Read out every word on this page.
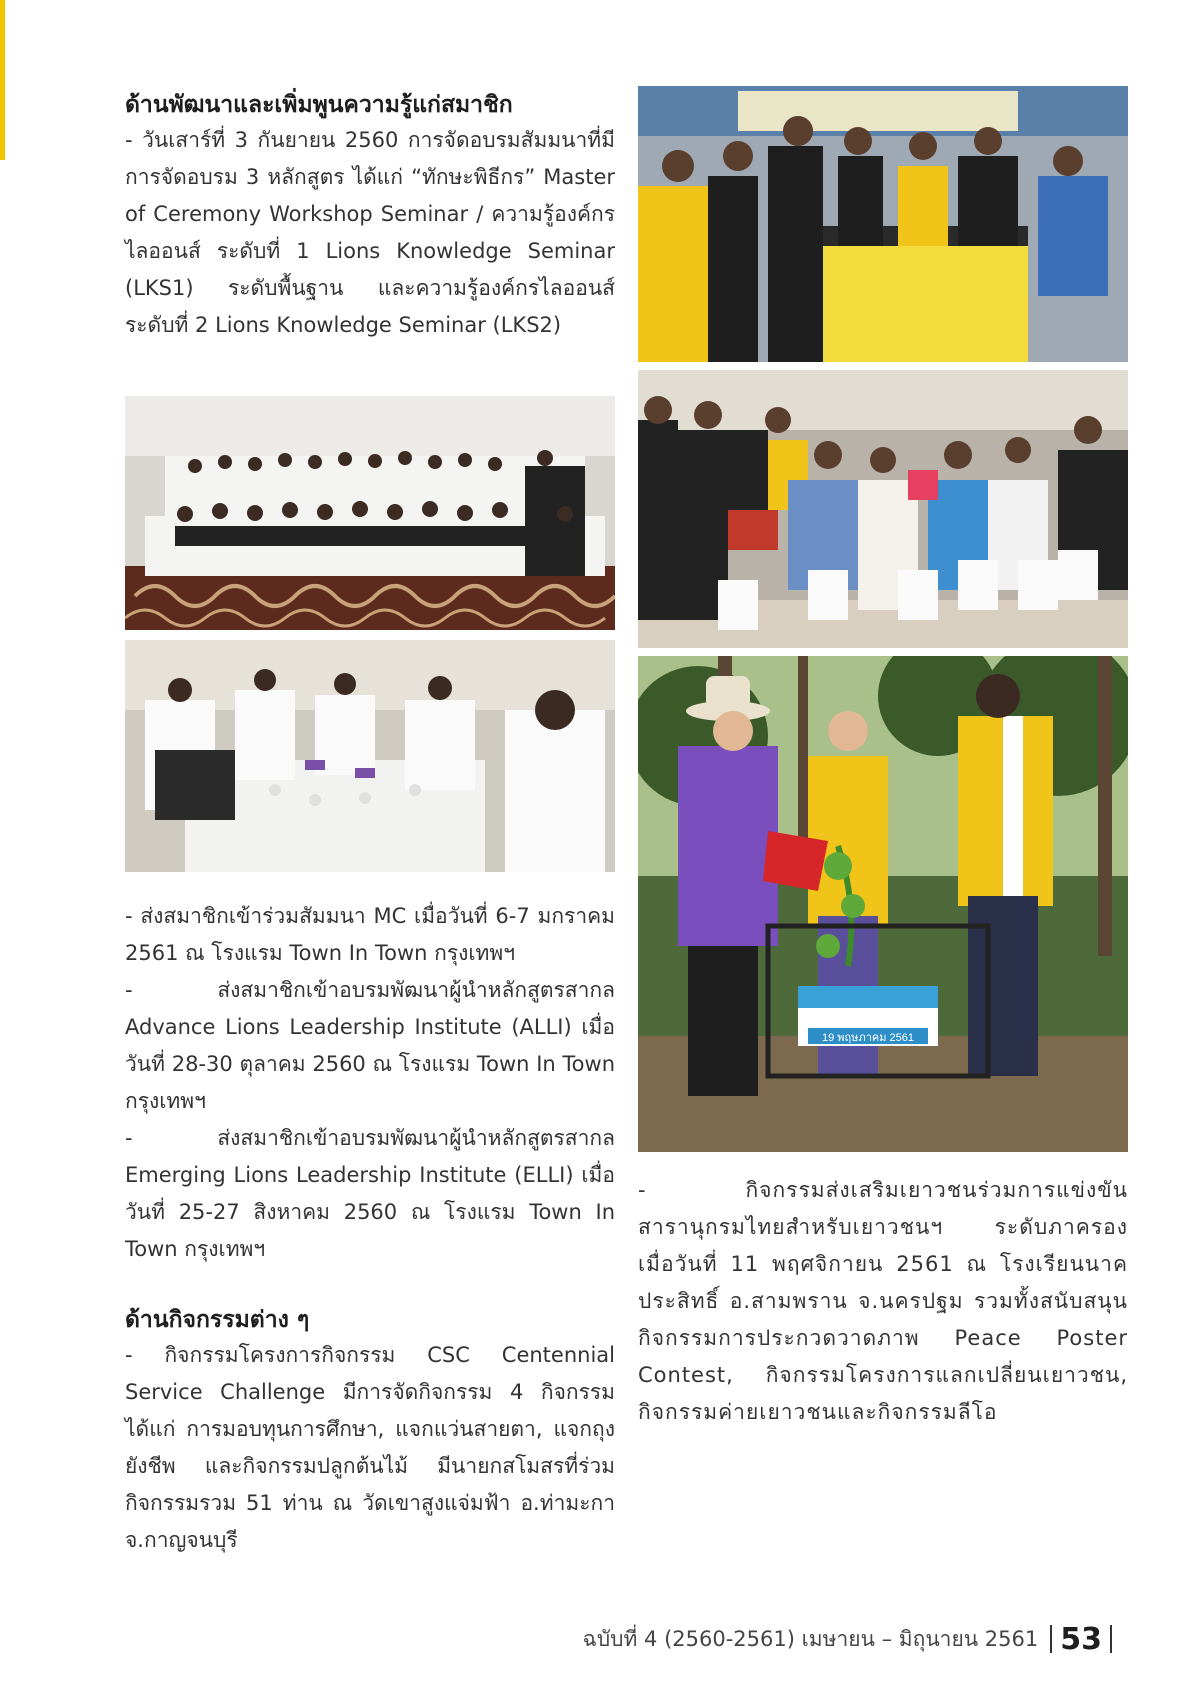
ด้านพัฒนาและเพิ่มพูนความรู้แก่สมาชิก

- วันเสาร์ที่ 3 กันยายน 2560 การจัดอบรมสัมมนาที่มีการจัดอบรม 3 หลักสูตร ได้แก่ “ทักษะพิธีกร” Master of Ceremony Workshop Seminar / ความรู้องค์กรไลออนส์ ระดับที่ 1 Lions Knowledge Seminar (LKS1) ระดับพื้นฐาน และความรู้องค์กรไลออนส์ ระดับที่ 2 Lions Knowledge Seminar (LKS2)

- ส่งสมาชิกเข้าร่วมสัมมนา MC เมื่อวันที่ 6-7 มกราคม 2561 ณ โรงแรม Town In Town กรุงเทพฯ

- ส่งสมาชิกเข้าอบรมพัฒนาผู้นำหลักสูตรสากล Advance Lions Leadership Institute (ALLI) เมื่อวันที่ 28-30 ตุลาคม 2560 ณ โรงแรม Town In Town กรุงเทพฯ

- ส่งสมาชิกเข้าอบรมพัฒนาผู้นำหลักสูตรสากล Emerging Lions Leadership Institute (ELLI) เมื่อวันที่ 25-27 สิงหาคม 2560 ณ โรงแรม Town In Town กรุงเทพฯ

ด้านกิจกรรมต่าง ๆ

- กิจกรรมโครงการกิจกรรม CSC Centennial Service Challenge มีการจัดกิจกรรม 4 กิจกรรม ได้แก่ การมอบทุนการศึกษา, แจกแว่นสายตา, แจกถุงยังชีพ และกิจกรรมปลูกต้นไม้ มีนายกสโมสรที่ร่วมกิจกรรมรวม 51 ท่าน ณ วัดเขาสูงแจ่มฟ้า อ.ท่ามะกา จ.กาญจนบุรี

19 พฤษภาคม 2561

- กิจกรรมส่งเสริมเยาวชนร่วมการแข่งขันสารานุกรมไทยสำหรับเยาวชนฯ ระดับภาครอง เมื่อวันที่ 11 พฤศจิกายน 2561 ณ โรงเรียนนาคประสิทธิ์ อ.สามพราน จ.นครปฐม รวมทั้งสนับสนุนกิจกรรมการประกวดวาดภาพ Peace Poster Contest, กิจกรรมโครงการแลกเปลี่ยนเยาวชน, กิจกรรมค่ายเยาวชนและกิจกรรมลีโอ

ฉบับที่ 4 (2560-2561) เมษายน – มิถุนายน 2561 53
